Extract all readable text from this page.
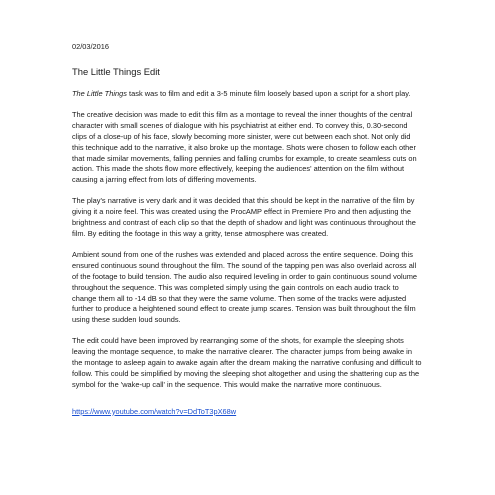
02/03/2016
The Little Things Edit

The Little Things task was to film and edit a 3-5 minute film loosely based upon a script for a short play.

The creative decision was made to edit this film as a montage to reveal the inner thoughts of the central character with small scenes of dialogue with his psychiatrist at either end. To convey this, 0.30-second clips of a close-up of his face, slowly becoming more sinister, were cut between each shot. Not only did this technique add to the narrative, it also broke up the montage. Shots were chosen to follow each other that made similar movements, falling pennies and falling crumbs for example, to create seamless cuts on action. This made the shots flow more effectively, keeping the audiences' attention on the film without causing a jarring effect from lots of differing movements.

The play's narrative is very dark and it was decided that this should be kept in the narrative of the film by giving it a noire feel. This was created using the ProcAMP effect in Premiere Pro and then adjusting the brightness and contrast of each clip so that the depth of shadow and light was continuous throughout the film. By editing the footage in this way a gritty, tense atmosphere was created.

Ambient sound from one of the rushes was extended and placed across the entire sequence. Doing this ensured continuous sound throughout the film. The sound of the tapping pen was also overlaid across all of the footage to build tension. The audio also required leveling in order to gain continuous sound volume throughout the sequence. This was completed simply using the gain controls on each audio track to change them all to -14 dB so that they were the same volume. Then some of the tracks were adjusted further to produce a heightened sound effect to create jump scares. Tension was built throughout the film using these sudden loud sounds.

The edit could have been improved by rearranging some of the shots, for example the sleeping shots leaving the montage sequence, to make the narrative clearer. The character jumps from being awake in the montage to asleep again to awake again after the dream making the narrative confusing and difficult to follow. This could be simplified by moving the sleeping shot altogether and using the shattering cup as the symbol for the 'wake-up call' in the sequence. This would make the narrative more continuous.

https://www.youtube.com/watch?v=DdToT3pX68w
